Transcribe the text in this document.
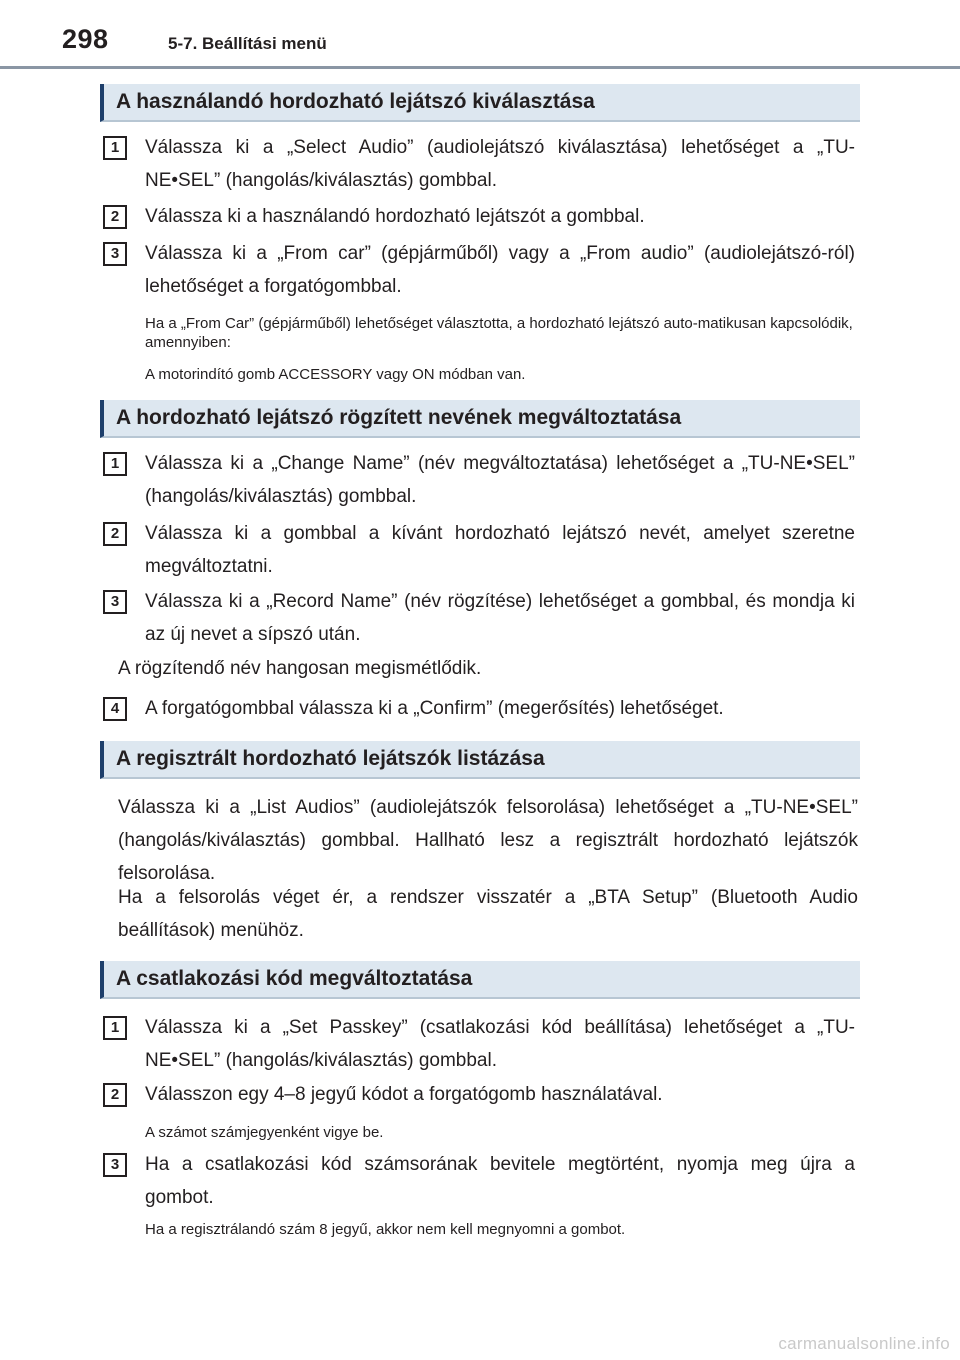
298	5-7. Beállítási menü
A használandó hordozható lejátszó kiválasztása
1	Válassza ki a „Select Audio” (audiolejátszó kiválasztása) lehetőséget a „TU-NE•SEL” (hangolás/kiválasztás) gombbal.
2	Válassza ki a használandó hordozható lejátszót a gombbal.
3	Válassza ki a „From car” (gépjárműből) vagy a „From audio” (audiolejátszó-ról) lehetőséget a forgatógombbal.
Ha a „From Car” (gépjárműből) lehetőséget választotta, a hordozható lejátszó auto-matikusan kapcsolódik, amennyiben:
A motorindító gomb ACCESSORY vagy ON módban van.
A hordozható lejátszó rögzített nevének megváltoztatása
1	Válassza ki a „Change Name” (név megváltoztatása) lehetőséget a „TU-NE•SEL” (hangolás/kiválasztás) gombbal.
2	Válassza ki a gombbal a kívánt hordozható lejátszó nevét, amelyet szeretne megváltoztatni.
3	Válassza ki a „Record Name” (név rögzítése) lehetőséget a gombbal, és mondja ki az új nevet a sípszó után.
A rögzítendő név hangosan megismétlődik.
4	A forgatógombbal válassza ki a „Confirm” (megerősítés) lehetőséget.
A regisztrált hordozható lejátszók listázása
Válassza ki a „List Audios” (audiolejátszók felsorolása) lehetőséget a „TU-NE•SEL” (hangolás/kiválasztás) gombbal. Hallható lesz a regisztrált hordozható lejátszók felsorolása.
Ha a felsorolás véget ér, a rendszer visszatér a „BTA Setup” (Bluetooth Audio beállítások) menühöz.
A csatlakozási kód megváltoztatása
1	Válassza ki a „Set Passkey” (csatlakozási kód beállítása) lehetőséget a „TU-NE•SEL” (hangolás/kiválasztás) gombbal.
2	Válasszon egy 4–8 jegyű kódot a forgatógomb használatával.
A számot számjegyenként vigye be.
3	Ha a csatlakozási kód számsorának bevitele megtörtént, nyomja meg újra a gombot.
Ha a regisztrálandó szám 8 jegyű, akkor nem kell megnyomni a gombot.
carmanualsonline.info
